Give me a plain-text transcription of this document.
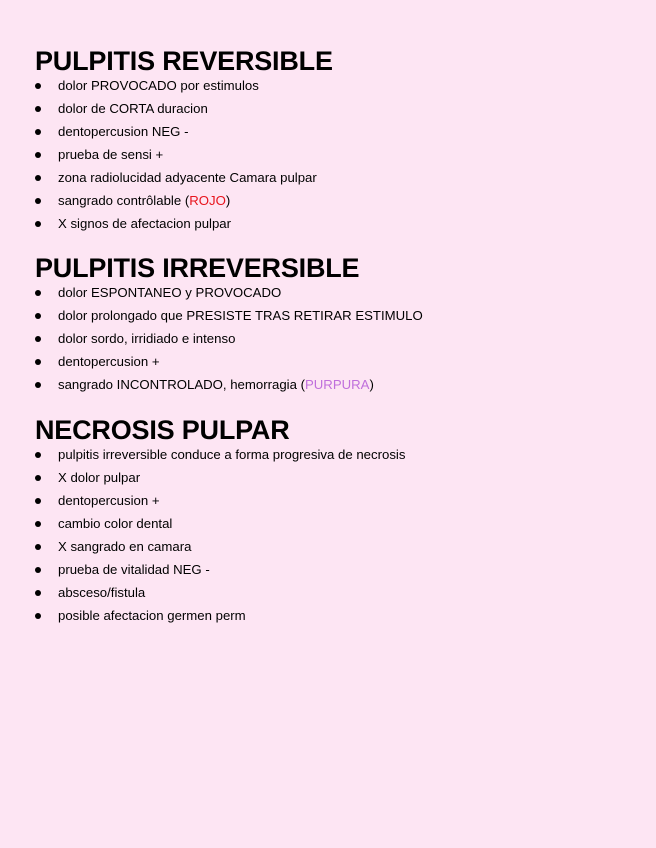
PULPITIS REVERSIBLE
dolor PROVOCADO por estimulos
dolor de CORTA duracion
dentopercusion NEG -
prueba de sensi +
zona radiolucidad adyacente Camara pulpar
sangrado contrôlable (ROJO)
X signos de afectacion pulpar
PULPITIS IRREVERSIBLE
dolor ESPONTANEO y PROVOCADO
dolor prolongado que PRESISTE TRAS RETIRAR ESTIMULO
dolor sordo, irridiado e intenso
dentopercusion +
sangrado INCONTROLADO, hemorragia (PURPURA)
NECROSIS PULPAR
pulpitis irreversible conduce a forma progresiva de necrosis
X dolor pulpar
dentopercusion +
cambio color dental
X sangrado en camara
prueba de vitalidad NEG -
absceso/fistula
posible afectacion germen perm
